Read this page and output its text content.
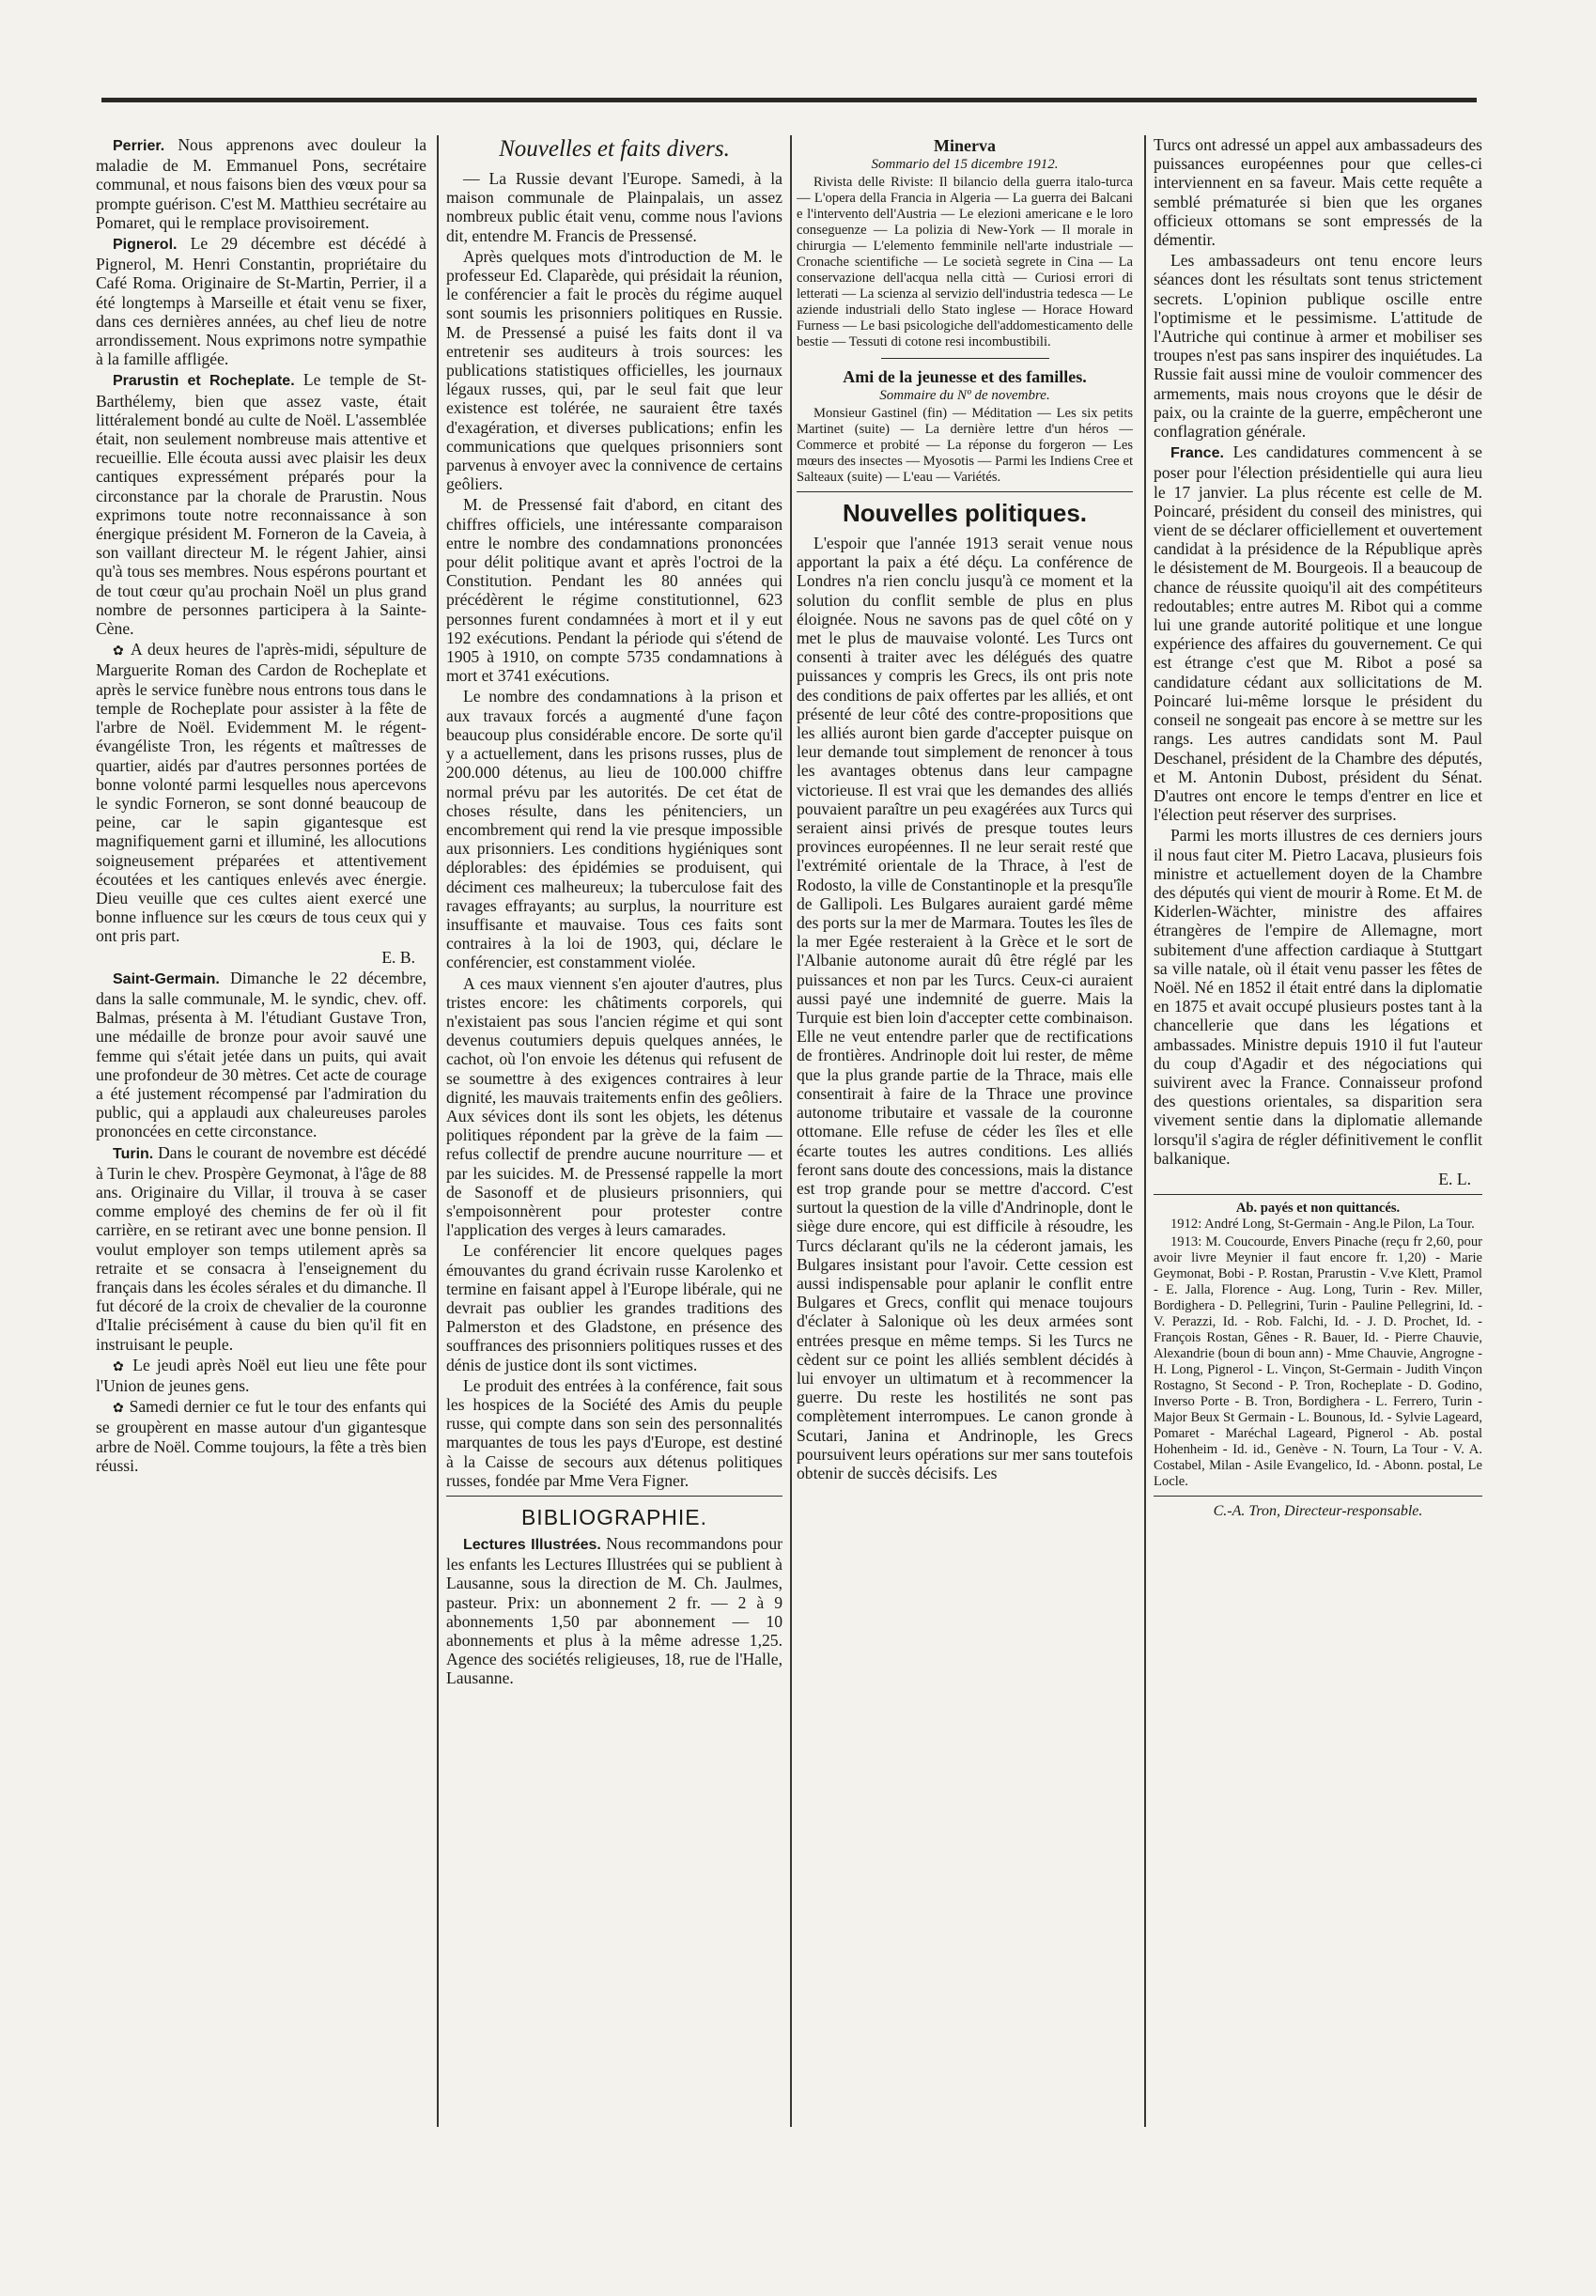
Perrier. Nous apprenons avec douleur la maladie de M. Emmanuel Pons, secrétaire communal, et nous faisons bien des vœux pour sa prompte guérison. C'est M. Matthieu secrétaire au Pomaret, qui le remplace provisoirement.

Pignerol. Le 29 décembre est décédé à Pignerol, M. Henri Constantin, propriétaire du Café Roma. Originaire de St-Martin, Perrier, il a été longtemps à Marseille et était venu se fixer, dans ces dernières années, au chef lieu de notre arrondissement. Nous exprimons notre sympathie à la famille affligée.

Prarustin et Rocheplate. Le temple de St-Barthélemy, bien que assez vaste, était littéralement bondé au culte de Noël. L'assemblée était, non seulement nombreuse mais attentive et recueillie. Elle écouta aussi avec plaisir les deux cantiques expressément préparés pour la circonstance par la chorale de Prarustin. Nous exprimons toute notre reconnaissance à son énergique président M. Forneron de la Caveia, à son vaillant directeur M. le régent Jahier, ainsi qu'à tous ses membres. Nous espérons pourtant et de tout cœur qu'au prochain Noël un plus grand nombre de personnes participera à la Sainte-Cène.

✿ A deux heures de l'après-midi, sépulture de Marguerite Roman des Cardon de Rocheplate et après le service funèbre nous entrons tous dans le temple de Rocheplate pour assister à la fête de l'arbre de Noël. Evidemment M. le régent-évangéliste Tron, les régents et maîtresses de quartier, aidés par d'autres personnes portées de bonne volonté parmi lesquelles nous apercevons le syndic Forneron, se sont donné beaucoup de peine, car le sapin gigantesque est magnifiquement garni et illuminé, les allocutions soigneusement préparées et attentivement écoutées et les cantiques enlevés avec énergie. Dieu veuille que ces cultes aient exercé une bonne influence sur les cœurs de tous ceux qui y ont pris part.

E. B.

Saint-Germain. Dimanche le 22 décembre, dans la salle communale, M. le syndic, chev. off. Balmas, présenta à M. l'étudiant Gustave Tron, une médaille de bronze pour avoir sauvé une femme qui s'était jetée dans un puits, qui avait une profondeur de 30 mètres. Cet acte de courage a été justement récompensé par l'admiration du public, qui a applaudi aux chaleureuses paroles prononcées en cette circonstance.

Turin. Dans le courant de novembre est décédé à Turin le chev. Prospère Geymonat, à l'âge de 88 ans. Originaire du Villar, il trouva à se caser comme employé des chemins de fer où il fit carrière, en se retirant avec une bonne pension. Il voulut employer son temps utilement après sa retraite et se consacra à l'enseignement du français dans les écoles sérales et du dimanche. Il fut décoré de la croix de chevalier de la couronne d'Italie précisément à cause du bien qu'il fit en instruisant le peuple.

✿ Le jeudi après Noël eut lieu une fête pour l'Union de jeunes gens.

✿ Samedi dernier ce fut le tour des enfants qui se groupèrent en masse autour d'un gigantesque arbre de Noël. Comme toujours, la fête a très bien réussi.

Nouvelles et faits divers.

— La Russie devant l'Europe. Samedi, à la maison communale de Plainpalais, un assez nombreux public était venu, comme nous l'avions dit, entendre M. Francis de Pressensé.

Après quelques mots d'introduction de M. le professeur Ed. Claparède, qui présidait la réunion, le conférencier a fait le procès du régime auquel sont soumis les prisonniers politiques en Russie. M. de Pressensé a puisé les faits dont il va entretenir ses auditeurs à trois sources: les publications statistiques officielles, les journaux légaux russes, qui, par le seul fait que leur existence est tolérée, ne sauraient être taxés d'exagération, et diverses publications; enfin les communications que quelques prisonniers sont parvenus à envoyer avec la connivence de certains geôliers.

M. de Pressensé fait d'abord, en citant des chiffres officiels, une intéressante comparaison entre le nombre des condamnations prononcées pour délit politique avant et après l'octroi de la Constitution. Pendant les 80 années qui précédèrent le régime constitutionnel, 623 personnes furent condamnées à mort et il y eut 192 exécutions. Pendant la période qui s'étend de 1905 à 1910, on compte 5735 condamnations à mort et 3741 exécutions.

Le nombre des condamnations à la prison et aux travaux forcés a augmenté d'une façon beaucoup plus considérable encore. De sorte qu'il y a actuellement, dans les prisons russes, plus de 200.000 détenus, au lieu de 100.000 chiffre normal prévu par les autorités. De cet état de choses résulte, dans les pénitenciers, un encombrement qui rend la vie presque impossible aux prisonniers. Les conditions hygiéniques sont déplorables: des épidémies se produisent, qui déciment ces malheureux; la tuberculose fait des ravages effrayants; au surplus, la nourriture est insuffisante et mauvaise. Tous ces faits sont contraires à la loi de 1903, qui, déclare le conférencier, est constamment violée.

A ces maux viennent s'en ajouter d'autres, plus tristes encore: les châtiments corporels, qui n'existaient pas sous l'ancien régime et qui sont devenus coutumiers depuis quelques années, le cachot, où l'on envoie les détenus qui refusent de se soumettre à des exigences contraires à leur dignité, les mauvais traitements enfin des geôliers. Aux sévices dont ils sont les objets, les détenus politiques répondent par la grève de la faim — refus collectif de prendre aucune nourriture — et par les suicides. M. de Pressensé rappelle la mort de Sasonoff et de plusieurs prisonniers, qui s'empoisonnèrent pour protester contre l'application des verges à leurs camarades.

Le conférencier lit encore quelques pages émouvantes du grand écrivain russe Karolenko et termine en faisant appel à l'Europe libérale, qui ne devrait pas oublier les grandes traditions des Palmerston et des Gladstone, en présence des souffrances des prisonniers politiques russes et des dénis de justice dont ils sont victimes.

Le produit des entrées à la conférence, fait sous les hospices de la Société des Amis du peuple russe, qui compte dans son sein des personnalités marquantes de tous les pays d'Europe, est destiné à la Caisse de secours aux détenus politiques russes, fondée par Mme Vera Figner.

BIBLIOGRAPHIE.

Lectures Illustrées. Nous recommandons pour les enfants les Lectures Illustrées qui se publient à Lausanne, sous la direction de M. Ch. Jaulmes, pasteur. Prix: un abonnement 2 fr. — 2 à 9 abonnements 1,50 par abonnement — 10 abonnements et plus à la même adresse 1,25. Agence des sociétés religieuses, 18, rue de l'Halle, Lausanne.

Minerva
Sommario del 15 dicembre 1912.

Rivista delle Riviste: Il bilancio della guerra italo-turca — L'opera della Francia in Algeria — La guerra dei Balcani e l'intervento dell'Austria — Le elezioni americane e le loro conseguenze — La polizia di New-York — Il morale in chirurgia — L'elemento femminile nell'arte industriale — Cronache scientifiche — Le società segrete in Cina — La conservazione dell'acqua nella città — Curiosi errori di letterati — La scienza al servizio dell'industria tedesca — Le aziende industriali dello Stato inglese — Horace Howard Furness — Le basi psicologiche dell'addomesticamento delle bestie — Tessuti di cotone resi incombustibili.

Ami de la jeunesse et des familles.
Sommaire du Nº de novembre.

Monsieur Gastinel (fin) — Méditation — Les six petits Martinet (suite) — La dernière lettre d'un héros — Commerce et probité — La réponse du forgeron — Les mœurs des insectes — Myosotis — Parmi les Indiens Cree et Salteaux (suite) — L'eau — Variétés.

Nouvelles politiques.

L'espoir que l'année 1913 serait venue nous apportant la paix a été déçu. La conférence de Londres n'a rien conclu jusqu'à ce moment et la solution du conflit semble de plus en plus éloignée. Nous ne savons pas de quel côté on y met le plus de mauvaise volonté. Les Turcs ont consenti à traiter avec les délégués des quatre puissances y compris les Grecs, ils ont pris note des conditions de paix offertes par les alliés, et ont présenté de leur côté des contre-propositions que les alliés auront bien garde d'accepter puisque on leur demande tout simplement de renoncer à tous les avantages obtenus dans leur campagne victorieuse. Il est vrai que les demandes des alliés pouvaient paraître un peu exagérées aux Turcs qui seraient ainsi privés de presque toutes leurs provinces européennes. Il ne leur serait resté que l'extrémité orientale de la Thrace, à l'est de Rodosto, la ville de Constantinople et la presqu'île de Gallipoli. Les Bulgares auraient gardé même des ports sur la mer de Marmara. Toutes les îles de la mer Egée resteraient à la Grèce et le sort de l'Albanie autonome aurait dû être réglé par les puissances et non par les Turcs. Ceux-ci auraient aussi payé une indemnité de guerre. Mais la Turquie est bien loin d'accepter cette combinaison. Elle ne veut entendre parler que de rectifications de frontières. Andrinople doit lui rester, de même que la plus grande partie de la Thrace, mais elle consentirait à faire de la Thrace une province autonome tributaire et vassale de la couronne ottomane. Elle refuse de céder les îles et elle écarte toutes les autres conditions. Les alliés feront sans doute des concessions, mais la distance est trop grande pour se mettre d'accord. C'est surtout la question de la ville d'Andrinople, dont le siège dure encore, qui est difficile à résoudre, les Turcs déclarant qu'ils ne la céderont jamais, les Bulgares insistant pour l'avoir. Cette cession est aussi indispensable pour aplanir le conflit entre Bulgares et Grecs, conflit qui menace toujours d'éclater à Salonique où les deux armées sont entrées presque en même temps. Si les Turcs ne cèdent sur ce point les alliés semblent décidés à lui envoyer un ultimatum et à recommencer la guerre. Du reste les hostilités ne sont pas complètement interrompues. Le canon gronde à Scutari, Janina et Andrinople, les Grecs poursuivent leurs opérations sur mer sans toutefois obtenir de succès décisifs. Les

Turcs ont adressé un appel aux ambassadeurs des puissances européennes pour que celles-ci interviennent en sa faveur. Mais cette requête a semblé prématurée si bien que les organes officieux ottomans se sont empressés de la démentir.

Les ambassadeurs ont tenu encore leurs séances dont les résultats sont tenus strictement secrets. L'opinion publique oscille entre l'optimisme et le pessimisme. L'attitude de l'Autriche qui continue à armer et mobiliser ses troupes n'est pas sans inspirer des inquiétudes. La Russie fait aussi mine de vouloir commencer des armements, mais nous croyons que le désir de paix, ou la crainte de la guerre, empêcheront une conflagration générale.

France. Les candidatures commencent à se poser pour l'élection présidentielle qui aura lieu le 17 janvier. La plus récente est celle de M. Poincaré, président du conseil des ministres, qui vient de se déclarer officiellement et ouvertement candidat à la présidence de la République après le désistement de M. Bourgeois. Il a beaucoup de chance de réussite quoiqu'il ait des compétiteurs redoutables; entre autres M. Ribot qui a comme lui une grande autorité politique et une longue expérience des affaires du gouvernement. Ce qui est étrange c'est que M. Ribot a posé sa candidature cédant aux sollicitations de M. Poincaré lui-même lorsque le président du conseil ne songeait pas encore à se mettre sur les rangs. Les autres candidats sont M. Paul Deschanel, président de la Chambre des députés, et M. Antonin Dubost, président du Sénat. D'autres ont encore le temps d'entrer en lice et l'élection peut réserver des surprises.

Parmi les morts illustres de ces derniers jours il nous faut citer M. Pietro Lacava, plusieurs fois ministre et actuellement doyen de la Chambre des députés qui vient de mourir à Rome. Et M. de Kiderlen-Wächter, ministre des affaires étrangères de l'empire de Allemagne, mort subitement d'une affection cardiaque à Stuttgart sa ville natale, où il était venu passer les fêtes de Noël. Né en 1852 il était entré dans la diplomatie en 1875 et avait occupé plusieurs postes tant à la chancellerie que dans les légations et ambassades. Ministre depuis 1910 il fut l'auteur du coup d'Agadir et des négociations qui suivirent avec la France. Connaisseur profond des questions orientales, sa disparition sera vivement sentie dans la diplomatie allemande lorsqu'il s'agira de régler définitivement le conflit balkanique.

E. L.

Ab. payés et non quittancés.

1912: André Long, St-Germain - Ang.le Pilon, La Tour.

1913: M. Coucourde, Envers Pinache (reçu fr 2,60, pour avoir livre Meynier il faut encore fr. 1,20) - Marie Geymonat, Bobi - P. Rostan, Prarustin - V.ve Klett, Pramol - E. Jalla, Florence - Aug. Long, Turin - Rev. Miller, Bordighera - D. Pellegrini, Turin - Pauline Pellegrini, Id. - V. Perazzi, Id. - Rob. Falchi, Id. - J. D. Prochet, Id. - François Rostan, Gênes - R. Bauer, Id. - Pierre Chauvie, Alexandrie (boun di boun ann) - Mme Chauvie, Angrogne - H. Long, Pignerol - L. Vinçon, St-Germain - Judith Vinçon Rostagno, St Second - P. Tron, Rocheplate - D. Godino, Inverso Porte - B. Tron, Bordighera - L. Ferrero, Turin - Major Beux St Germain - L. Bounous, Id. - Sylvie Lageard, Pomaret - Maréchal Lageard, Pignerol - Ab. postal Hohenheim - Id. id., Genève - N. Tourn, La Tour - V. A. Costabel, Milan - Asile Evangelico, Id. - Abonn. postal, Le Locle.

C.-A. Tron, Directeur-responsable.
